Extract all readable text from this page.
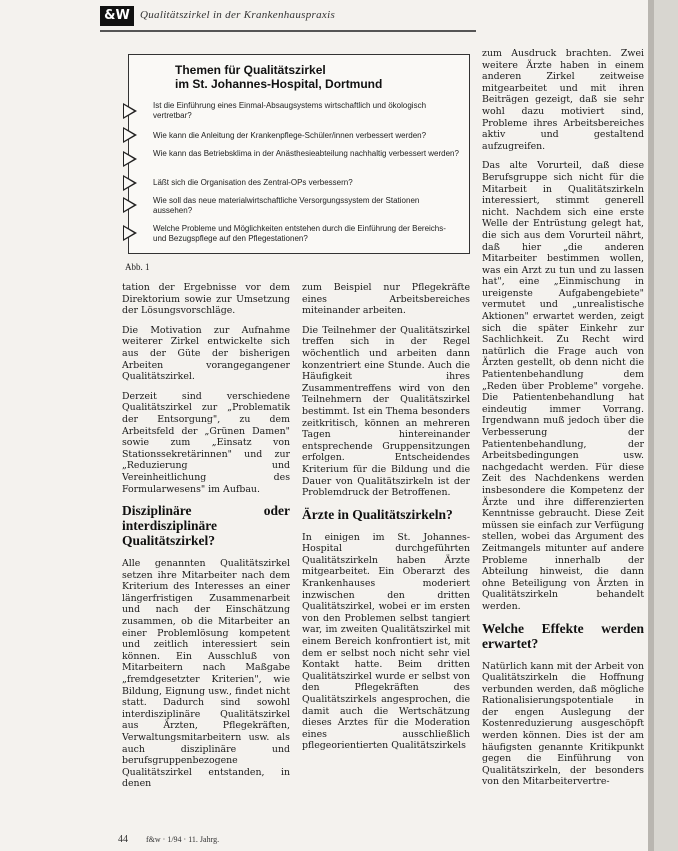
&W Qualitätszirkel in der Krankenhauspraxis
Themen für Qualitätszirkel
im St. Johannes-Hospital, Dortmund
Ist die Einführung eines Einmal-Absaugsystems wirtschaftlich und ökologisch vertretbar?
Wie kann die Anleitung der Krankenpflege-Schüler/innen verbessert werden?
Wie kann das Betriebsklima in der Anästhesieabteilung nachhaltig verbessert werden?
Läßt sich die Organisation des Zentral-OPs verbessern?
Wie soll das neue materialwirtschaftliche Versorgungssystem der Stationen aussehen?
Welche Probleme und Möglichkeiten entstehen durch die Einführung der Bereichs- und Bezugspflege auf den Pflegestationen?
Abb. 1

tation der Ergebnisse vor dem Direktorium sowie zur Umsetzung der Lösungsvorschläge.

Die Motivation zur Aufnahme weiterer Zirkel entwickelte sich aus der Güte der bisherigen Arbeiten vorangegangener Qualitätszirkel.

Derzeit sind verschiedene Qualitätszirkel zur „Problematik der Entsorgung", zu dem Arbeitsfeld der „Grünen Damen" sowie zum „Einsatz von Stationssekretärinnen" und zur „Reduzierung und Vereinheitlichung des Formularwesens" im Aufbau.

Disziplinäre oder interdisziplinäre Qualitätszirkel?

Alle genannten Qualitätszirkel setzen ihre Mitarbeiter nach dem Kriterium des Interesses an einer längerfristigen Zusammenarbeit und nach der Einschätzung zusammen, ob die Mitarbeiter an einer Problemlösung kompetent und zeitlich interessiert sein können. Ein Ausschluß von Mitarbeitern nach Maßgabe „fremdgesetzter Kriterien", wie Bildung, Eignung usw., findet nicht statt. Dadurch sind sowohl interdisziplinäre Qualitätszirkel aus Ärzten, Pflegekräften, Verwaltungsmitarbeitern usw. als auch disziplinäre und berufsgruppenbezogene Qualitätszirkel entstanden, in denen

zum Beispiel nur Pflegekräfte eines Arbeitsbereiches miteinander arbeiten.

Die Teilnehmer der Qualitätszirkel treffen sich in der Regel wöchentlich und arbeiten dann konzentriert eine Stunde. Auch die Häufigkeit ihres Zusammentreffens wird von den Teilnehmern der Qualitätszirkel bestimmt. Ist ein Thema besonders zeitkritisch, können an mehreren Tagen hintereinander entsprechende Gruppensitzungen erfolgen. Entscheidendes Kriterium für die Bildung und die Dauer von Qualitätszirkeln ist der Problemdruck der Betroffenen.

Ärzte in Qualitätszirkeln?

In einigen im St. Johannes-Hospital durchgeführten Qualitätszirkeln haben Ärzte mitgearbeitet. Ein Oberarzt des Krankenhauses moderiert inzwischen den dritten Qualitätszirkel, wobei er im ersten von den Problemen selbst tangiert war, im zweiten Qualitätszirkel mit einem Bereich konfrontiert ist, mit dem er selbst noch nicht sehr viel Kontakt hatte. Beim dritten Qualitätszirkel wurde er selbst von den Pflegekräften des Qualitätszirkels angesprochen, die damit auch die Wertschätzung dieses Arztes für die Moderation eines ausschließlich pflegeorientierten Qualitätszirkels

zum Ausdruck brachten. Zwei weitere Ärzte haben in einem anderen Zirkel zeitweise mitgearbeitet und mit ihren Beiträgen gezeigt, daß sie sehr wohl dazu motiviert sind, Probleme ihres Arbeitsbereiches aktiv und gestaltend aufzugreifen.

Das alte Vorurteil, daß diese Berufsgruppe sich nicht für die Mitarbeit in Qualitätszirkeln interessiert, stimmt generell nicht. Nachdem sich eine erste Welle der Entrüstung gelegt hat, die sich aus dem Vorurteil nährt, daß hier „die anderen Mitarbeiter bestimmen wollen, was ein Arzt zu tun und zu lassen hat", eine „Einmischung in ureigenste Aufgabengebiete" vermutet und „unrealistische Aktionen" erwartet werden, zeigt sich die später Einkehr zur Sachlichkeit. Zu Recht wird natürlich die Frage auch von Ärzten gestellt, ob denn nicht die Patientenbehandlung dem „Reden über Probleme" vorgehe. Die Patientenbehandlung hat eindeutig immer Vorrang. Irgendwann muß jedoch über die Verbesserung der Patientenbehandlung, der Arbeitsbedingungen usw. nachgedacht werden. Für diese Zeit des Nachdenkens werden insbesondere die Kompetenz der Ärzte und ihre differenzierten Kenntnisse gebraucht. Diese Zeit müssen sie einfach zur Verfügung stellen, wobei das Argument des Zeitmangels mitunter auf andere Probleme innerhalb der Abteilung hinweist, die dann ohne Beteiligung von Ärzten in Qualitätszirkeln behandelt werden.

Welche Effekte werden erwartet?

Natürlich kann mit der Arbeit von Qualitätszirkeln die Hoffnung verbunden werden, daß mögliche Rationalisierungspotentiale in der engen Auslegung der Kostenreduzierung ausgeschöpft werden können. Dies ist der am häufigsten genannte Kritikpunkt gegen die Einführung von Qualitätszirkeln, der besonders von den Mitarbeitervertre-

44 f&w · 1/94 · 11. Jahrg.
